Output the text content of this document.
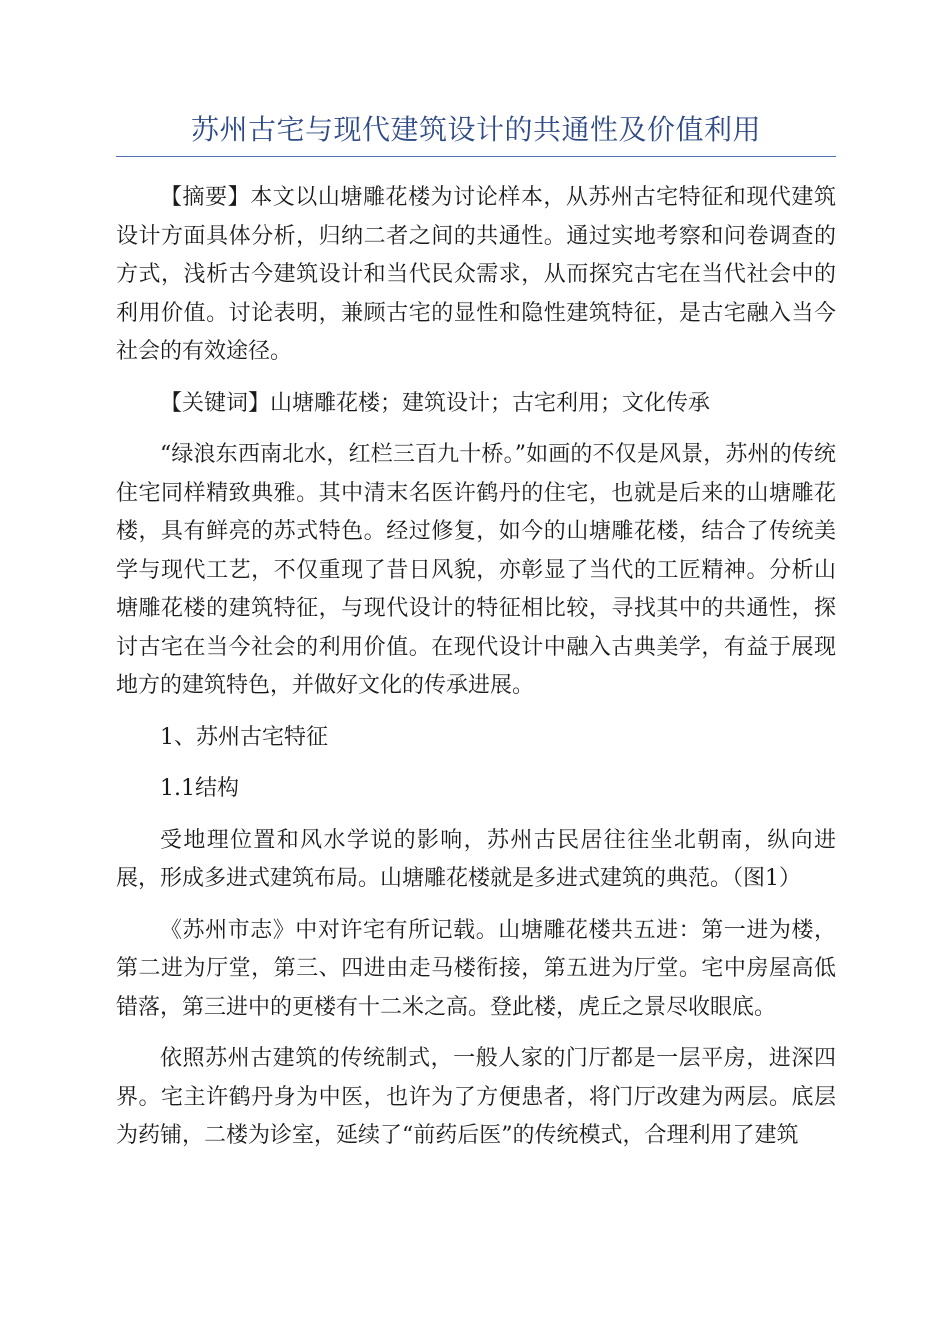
苏州古宅与现代建筑设计的共通性及价值利用

【摘要】本文以山塘雕花楼为讨论样本，从苏州古宅特征和现代建筑设计方面具体分析，归纳二者之间的共通性。通过实地考察和问卷调查的方式，浅析古今建筑设计和当代民众需求，从而探究古宅在当代社会中的利用价值。讨论表明，兼顾古宅的显性和隐性建筑特征，是古宅融入当今社会的有效途径。

【关键词】山塘雕花楼；建筑设计；古宅利用；文化传承

“绿浪东西南北水，红栏三百九十桥。”如画的不仅是风景，苏州的传统住宅同样精致典雅。其中清末名医许鹤丹的住宅，也就是后来的山塘雕花楼，具有鲜亮的苏式特色。经过修复，如今的山塘雕花楼，结合了传统美学与现代工艺，不仅重现了昔日风貌，亦彰显了当代的工匠精神。分析山塘雕花楼的建筑特征，与现代设计的特征相比较，寻找其中的共通性，探讨古宅在当今社会的利用价值。在现代设计中融入古典美学，有益于展现地方的建筑特色，并做好文化的传承进展。

1、苏州古宅特征

1.1结构

受地理位置和风水学说的影响，苏州古民居往往坐北朝南，纵向进展，形成多进式建筑布局。山塘雕花楼就是多进式建筑的典范。（图1）

《苏州市志》中对许宅有所记载。山塘雕花楼共五进：第一进为楼，第二进为厅堂，第三、四进由走马楼衔接，第五进为厅堂。宅中房屋高低错落，第三进中的更楼有十二米之高。登此楼，虎丘之景尽收眼底。

依照苏州古建筑的传统制式，一般人家的门厅都是一层平房，进深四界。宅主许鹤丹身为中医，也许为了方便患者，将门厅改建为两层。底层为药铺，二楼为诊室，延续了“前药后医”的传统模式，合理利用了建筑
